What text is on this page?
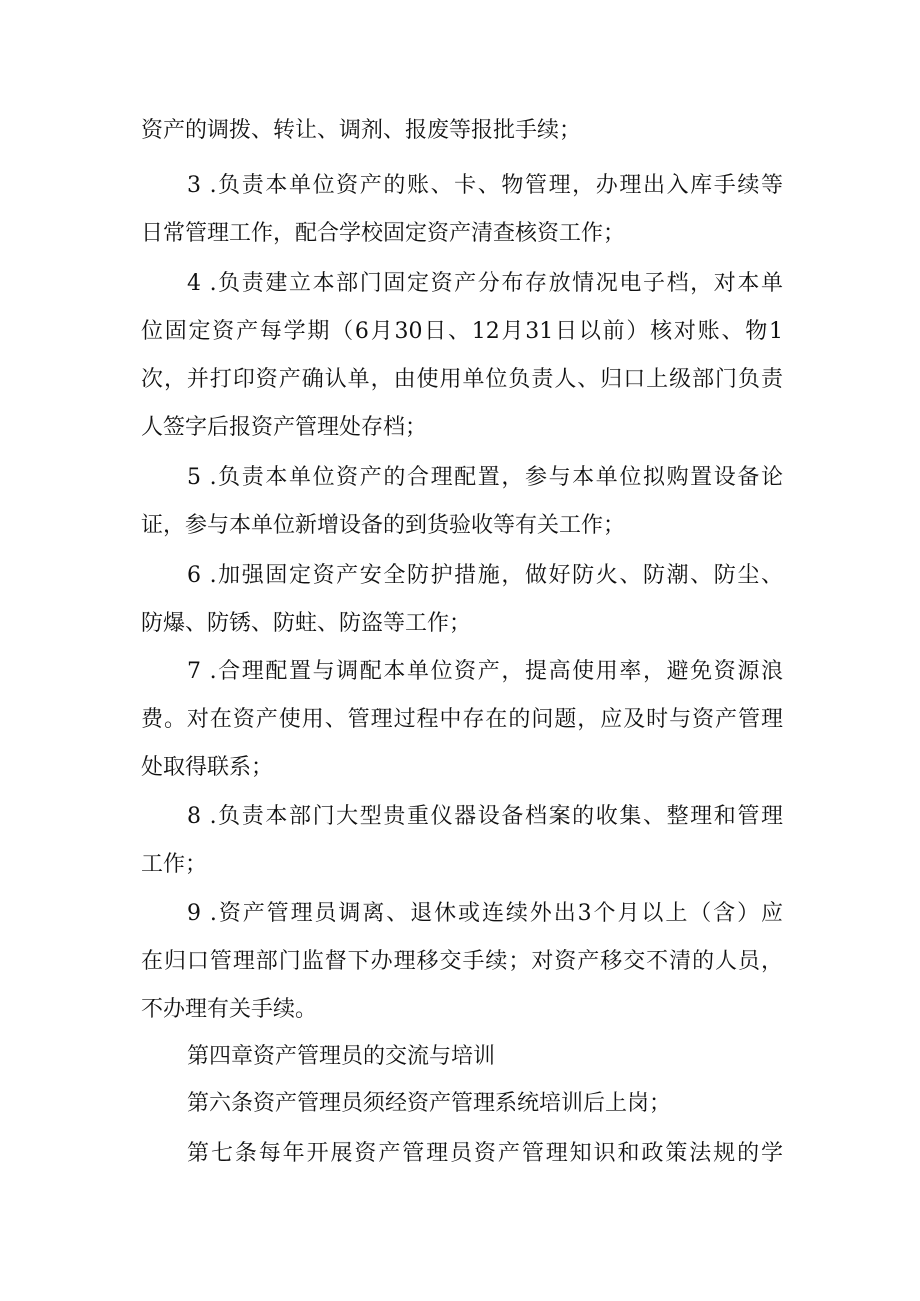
资产的调拨、转让、调剂、报废等报批手续；
3 .负责本单位资产的账、卡、物管理，办理出入库手续等
日常管理工作，配合学校固定资产清查核资工作；
4 .负责建立本部门固定资产分布存放情况电子档，对本单
位固定资产每学期（6月30日、12月31日以前）核对账、物1
次，并打印资产确认单，由使用单位负责人、归口上级部门负责
人签字后报资产管理处存档；
5 .负责本单位资产的合理配置，参与本单位拟购置设备论
证，参与本单位新增设备的到货验收等有关工作；
6 .加强固定资产安全防护措施，做好防火、防潮、防尘、
防爆、防锈、防蛀、防盗等工作；
7 .合理配置与调配本单位资产，提高使用率，避免资源浪
费。对在资产使用、管理过程中存在的问题，应及时与资产管理
处取得联系；
8 .负责本部门大型贵重仪器设备档案的收集、整理和管理
工作；
9 .资产管理员调离、退休或连续外出3个月以上（含）应
在归口管理部门监督下办理移交手续；对资产移交不清的人员，
不办理有关手续。
第四章资产管理员的交流与培训
第六条资产管理员须经资产管理系统培训后上岗；
第七条每年开展资产管理员资产管理知识和政策法规的学
